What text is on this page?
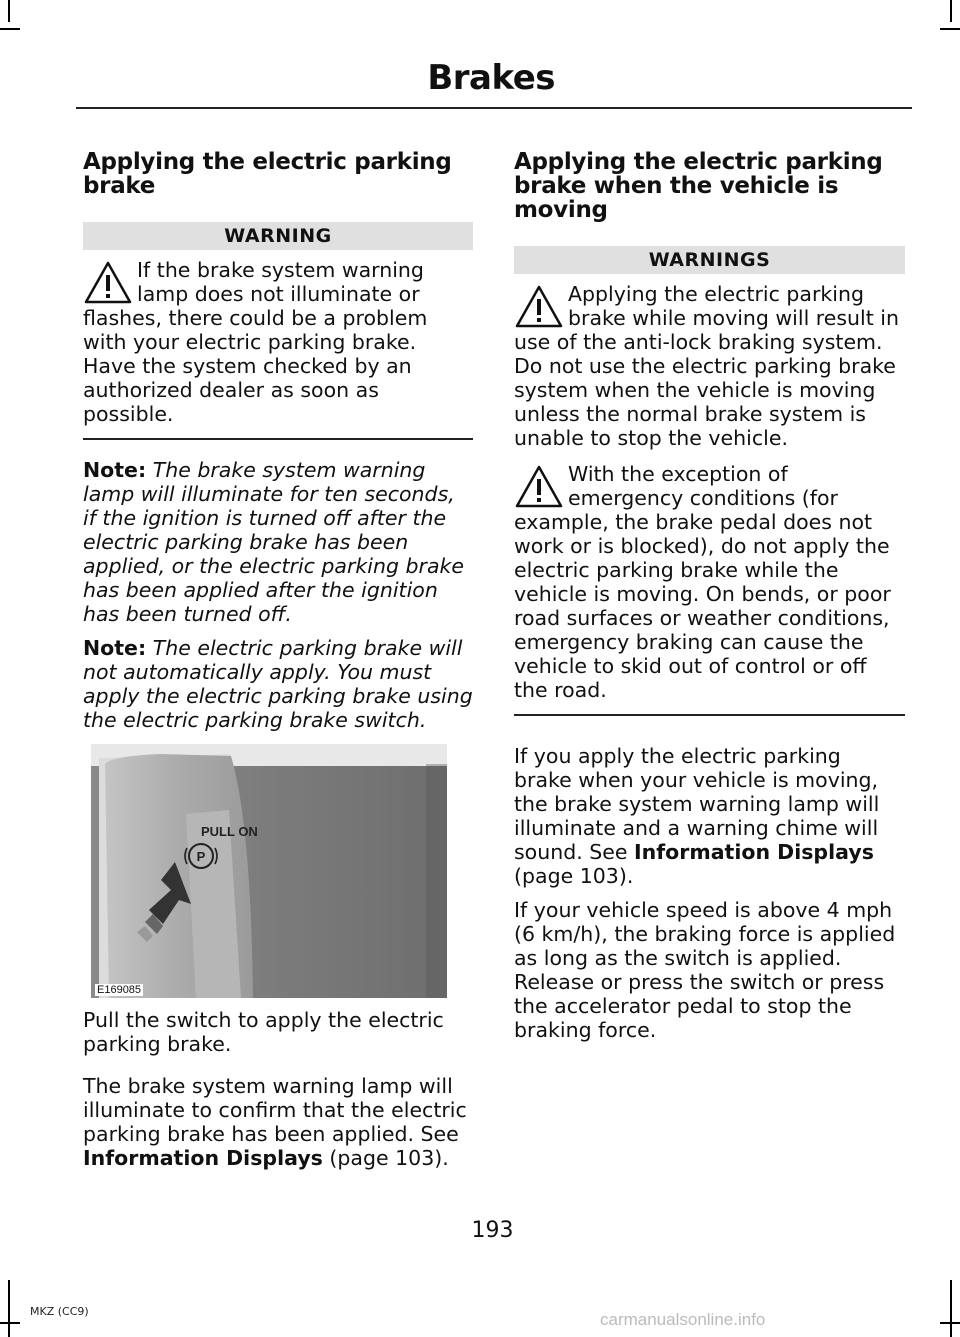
Brakes
Applying the electric parking brake
WARNING

If the brake system warning lamp does not illuminate or flashes, there could be a problem with your electric parking brake. Have the system checked by an authorized dealer as soon as possible.

Note: The brake system warning lamp will illuminate for ten seconds, if the ignition is turned off after the electric parking brake has been applied, or the electric parking brake has been applied after the ignition has been turned off.

Note: The electric parking brake will not automatically apply. You must apply the electric parking brake using the electric parking brake switch.

PULL ON
P
E169085

Pull the switch to apply the electric parking brake.

The brake system warning lamp will illuminate to confirm that the electric parking brake has been applied. See Information Displays (page 103).

Applying the electric parking brake when the vehicle is moving
WARNINGS

Applying the electric parking brake while moving will result in use of the anti-lock braking system. Do not use the electric parking brake system when the vehicle is moving unless the normal brake system is unable to stop the vehicle.

With the exception of emergency conditions (for example, the brake pedal does not work or is blocked), do not apply the electric parking brake while the vehicle is moving. On bends, or poor road surfaces or weather conditions, emergency braking can cause the vehicle to skid out of control or off the road.

If you apply the electric parking brake when your vehicle is moving, the brake system warning lamp will illuminate and a warning chime will sound. See Information Displays (page 103).

If your vehicle speed is above 4 mph (6 km/h), the braking force is applied as long as the switch is applied. Release or press the switch or press the accelerator pedal to stop the braking force.

193
MKZ (CC9)	carmanualsonline.info
